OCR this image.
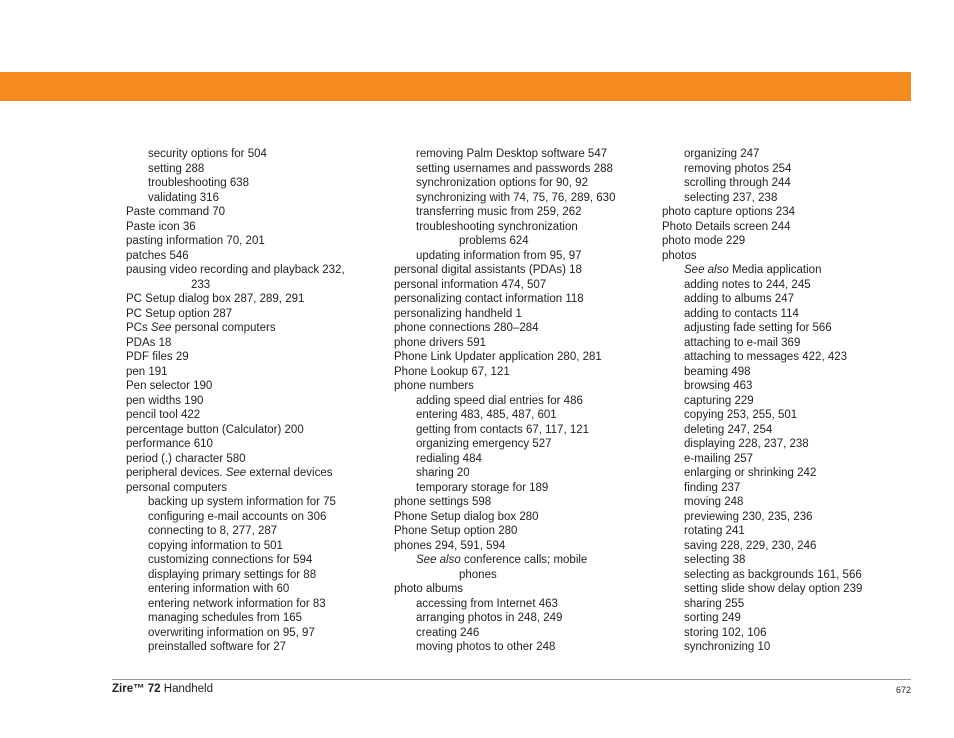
security options for 504
setting 288
troubleshooting 638
validating 316
Paste command 70
Paste icon 36
pasting information 70, 201
patches 546
pausing video recording and playback 232,
233
PC Setup dialog box 287, 289, 291
PC Setup option 287
PCs See personal computers
PDAs 18
PDF files 29
pen 191
Pen selector 190
pen widths 190
pencil tool 422
percentage button (Calculator) 200
performance 610
period (.) character 580
peripheral devices. See external devices
personal computers
backing up system information for 75
configuring e-mail accounts on 306
connecting to 8, 277, 287
copying information to 501
customizing connections for 594
displaying primary settings for 88
entering information with 60
entering network information for 83
managing schedules from 165
overwriting information on 95, 97
preinstalled software for 27
removing Palm Desktop software 547
setting usernames and passwords 288
synchronization options for 90, 92
synchronizing with 74, 75, 76, 289, 630
transferring music from 259, 262
troubleshooting synchronization
problems 624
updating information from 95, 97
personal digital assistants (PDAs) 18
personal information 474, 507
personalizing contact information 118
personalizing handheld 1
phone connections 280–284
phone drivers 591
Phone Link Updater application 280, 281
Phone Lookup 67, 121
phone numbers
adding speed dial entries for 486
entering 483, 485, 487, 601
getting from contacts 67, 117, 121
organizing emergency 527
redialing 484
sharing 20
temporary storage for 189
phone settings 598
Phone Setup dialog box 280
Phone Setup option 280
phones 294, 591, 594
See also conference calls; mobile
phones
photo albums
accessing from Internet 463
arranging photos in 248, 249
creating 246
moving photos to other 248
organizing 247
removing photos 254
scrolling through 244
selecting 237, 238
photo capture options 234
Photo Details screen 244
photo mode 229
photos
See also Media application
adding notes to 244, 245
adding to albums 247
adding to contacts 114
adjusting fade setting for 566
attaching to e-mail 369
attaching to messages 422, 423
beaming 498
browsing 463
capturing 229
copying 253, 255, 501
deleting 247, 254
displaying 228, 237, 238
e-mailing 257
enlarging or shrinking 242
finding 237
moving 248
previewing 230, 235, 236
rotating 241
saving 228, 229, 230, 246
selecting 38
selecting as backgrounds 161, 566
setting slide show delay option 239
sharing 255
sorting 249
storing 102, 106
synchronizing 10
Zire™ 72 Handheld	672
